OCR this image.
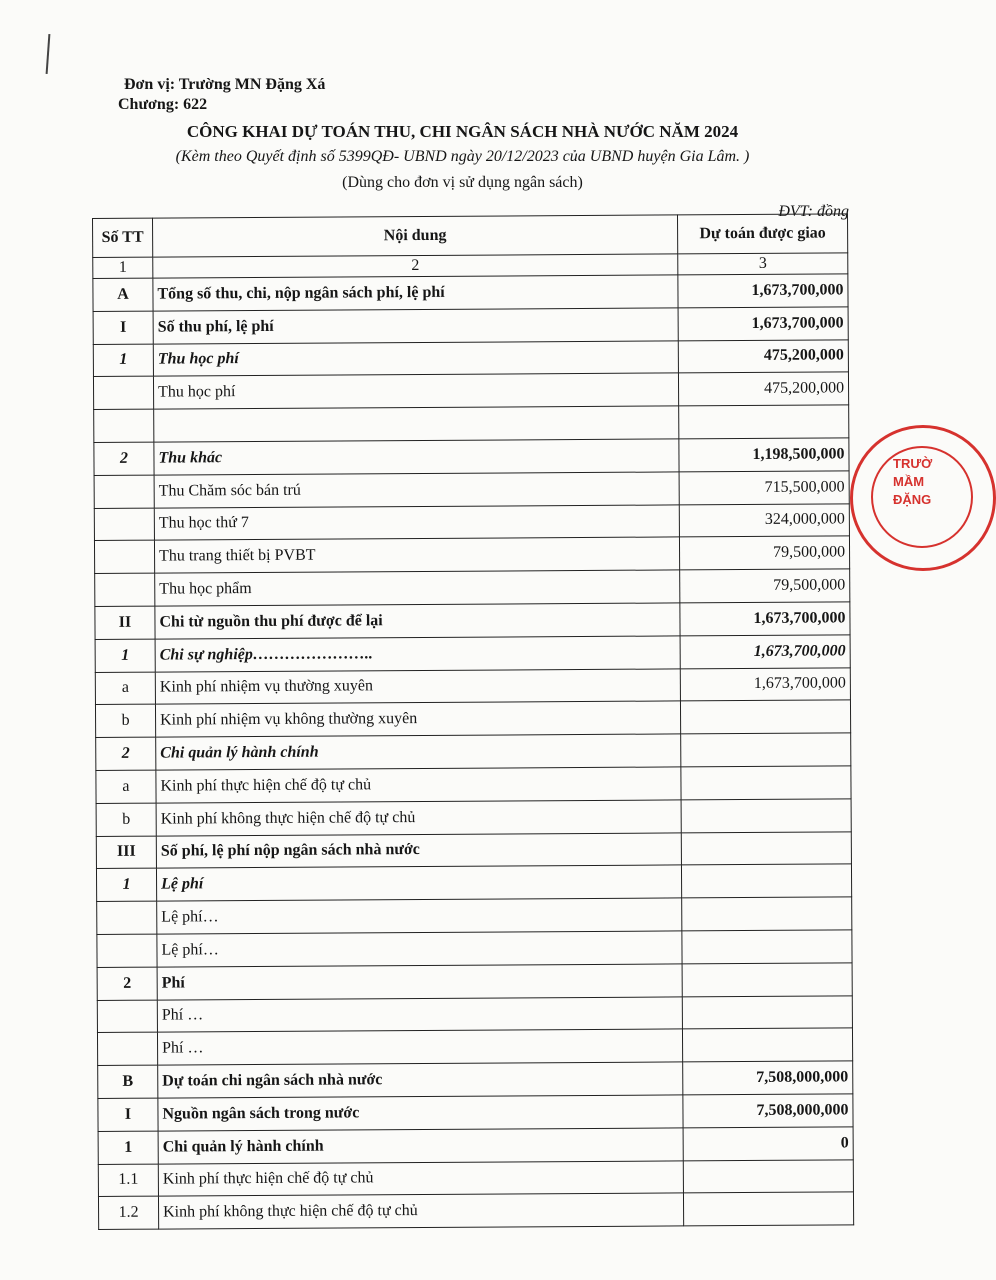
Đơn vị: Trường MN Đặng Xá
Chương: 622
CÔNG KHAI DỰ TOÁN THU, CHI NGÂN SÁCH NHÀ NƯỚC NĂM 2024
(Kèm theo Quyết định số 5399QĐ- UBND ngày 20/12/2023 của UBND huyện Gia Lâm. )
(Dùng cho đơn vị sử dụng ngân sách)
ĐVT: đồng
Số TT	Nội dung	Dự toán được giao
1	2	3
A	Tổng số thu, chi, nộp ngân sách phí, lệ phí	1,673,700,000
I	Số thu phí, lệ phí	1,673,700,000
1	Thu học phí	475,200,000
	Thu học phí	475,200,000

2	Thu khác	1,198,500,000
	Thu Chăm sóc bán trú	715,500,000
	Thu học thứ 7	324,000,000
	Thu trang thiết bị PVBT	79,500,000
	Thu học phẩm	79,500,000
II	Chi từ nguồn thu phí được để lại	1,673,700,000
1	Chi sự nghiệp…………………..	1,673,700,000
a	Kinh phí nhiệm vụ thường xuyên	1,673,700,000
b	Kinh phí nhiệm vụ không thường xuyên	
2	Chi quản lý hành chính	
a	Kinh phí thực hiện chế độ tự chủ	
b	Kinh phí không thực hiện chế độ tự chủ	
III	Số phí, lệ phí nộp ngân sách nhà nước	
1	Lệ phí	
	Lệ phí…	
	Lệ phí…	
2	Phí	
	Phí …	
	Phí …	
B	Dự toán chi ngân sách nhà nước	7,508,000,000
I	Nguồn ngân sách trong nước	7,508,000,000
1	Chi quản lý hành chính	0
1.1	Kinh phí thực hiện chế độ tự chủ	
1.2	Kinh phí không thực hiện chế độ tự chủ	
TRƯỜ
MẦM
ĐẶNG
